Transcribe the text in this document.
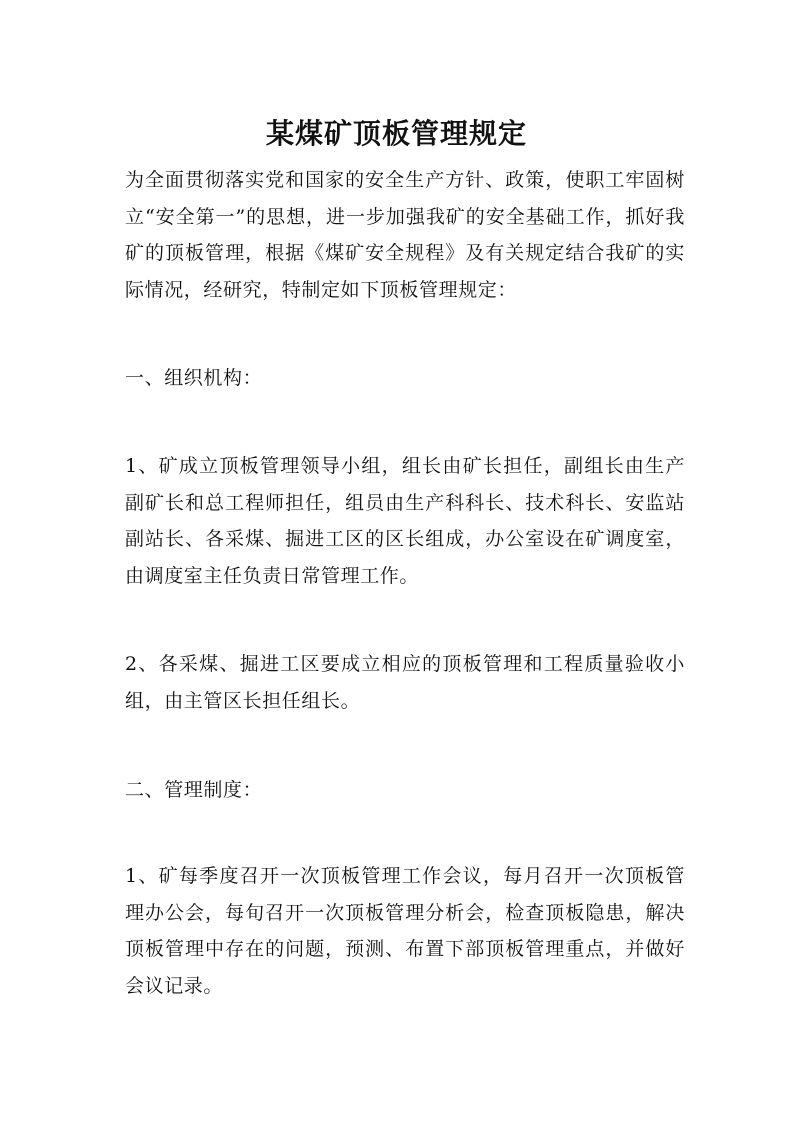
某煤矿顶板管理规定

为全面贯彻落实党和国家的安全生产方针、政策，使职工牢固树立“安全第一”的思想，进一步加强我矿的安全基础工作，抓好我矿的顶板管理，根据《煤矿安全规程》及有关规定结合我矿的实际情况，经研究，特制定如下顶板管理规定：

一、组织机构：

1、矿成立顶板管理领导小组，组长由矿长担任，副组长由生产副矿长和总工程师担任，组员由生产科科长、技术科长、安监站副站长、各采煤、掘进工区的区长组成，办公室设在矿调度室，由调度室主任负责日常管理工作。

2、各采煤、掘进工区要成立相应的顶板管理和工程质量验收小组，由主管区长担任组长。

二、管理制度：

1、矿每季度召开一次顶板管理工作会议，每月召开一次顶板管理办公会，每旬召开一次顶板管理分析会，检查顶板隐患，解决顶板管理中存在的问题，预测、布置下部顶板管理重点，并做好会议记录。
